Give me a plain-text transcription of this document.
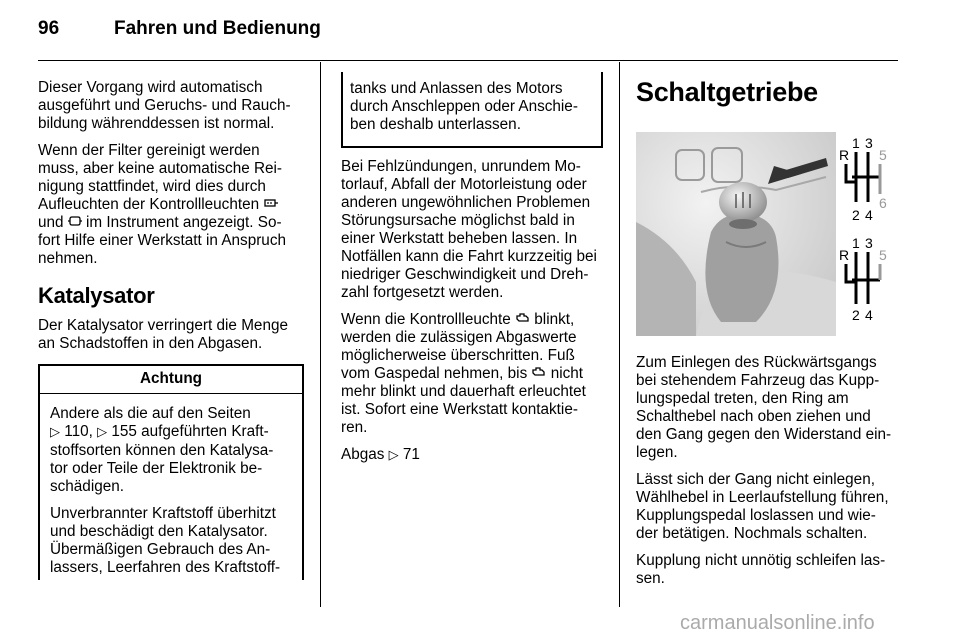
96	Fahren und Bedienung

Dieser Vorgang wird automatisch
ausgeführt und Geruchs- und Rauch-
bildung währenddessen ist normal.

Wenn der Filter gereinigt werden
muss, aber keine automatische Rei-
nigung stattfindet, wird dies durch
Aufleuchten der Kontrollleuchten
und im Instrument angezeigt. So-
fort Hilfe einer Werkstatt in Anspruch
nehmen.

Katalysator
Der Katalysator verringert die Menge
an Schadstoffen in den Abgasen.
Achtung

Andere als die auf den Seiten
▷ 110, ▷ 155 aufgeführten Kraft-
stoffsorten können den Katalysa-
tor oder Teile der Elektronik be-
schädigen.

Unverbrannter Kraftstoff überhitzt
und beschädigt den Katalysator.
Übermäßigen Gebrauch des An-
lassers, Leerfahren des Kraftstoff-

tanks und Anlassen des Motors
durch Anschleppen oder Anschie-
ben deshalb unterlassen.

Bei Fehlzündungen, unrundem Mo-
torlauf, Abfall der Motorleistung oder
anderen ungewöhnlichen Problemen
Störungsursache möglichst bald in
einer Werkstatt beheben lassen. In
Notfällen kann die Fahrt kurzzeitig bei
niedriger Geschwindigkeit und Dreh-
zahl fortgesetzt werden.

Wenn die Kontrollleuchte blinkt,
werden die zulässigen Abgaswerte
möglicherweise überschritten. Fuß
vom Gaspedal nehmen, bis nicht
mehr blinkt und dauerhaft erleuchtet
ist. Sofort eine Werkstatt kontaktie-
ren.

Abgas ▷ 71

Schaltgetriebe
R
1 3
5
2 4
6
R
1 3
5
2 4

Zum Einlegen des Rückwärtsgangs
bei stehendem Fahrzeug das Kupp-
lungspedal treten, den Ring am
Schalthebel nach oben ziehen und
den Gang gegen den Widerstand ein-
legen.

Lässt sich der Gang nicht einlegen,
Wählhebel in Leerlaufstellung führen,
Kupplungspedal loslassen und wie-
der betätigen. Nochmals schalten.

Kupplung nicht unnötig schleifen las-
sen.

carmanualsonline.info
